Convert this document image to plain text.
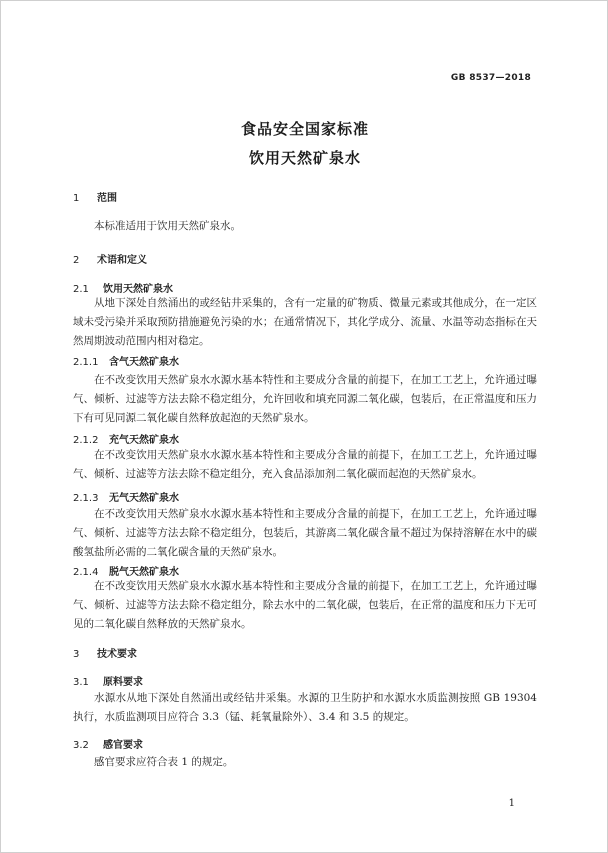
GB 8537—2018
食品安全国家标准
饮用天然矿泉水
1 范围
本标准适用于饮用天然矿泉水。
2 术语和定义
2.1 饮用天然矿泉水
从地下深处自然涌出的或经钻井采集的，含有一定量的矿物质、微量元素或其他成分，在一定区域未受污染并采取预防措施避免污染的水；在通常情况下，其化学成分、流量、水温等动态指标在天然周期波动范围内相对稳定。
2.1.1 含气天然矿泉水
在不改变饮用天然矿泉水水源水基本特性和主要成分含量的前提下，在加工工艺上，允许通过曝气、倾析、过滤等方法去除不稳定组分，允许回收和填充同源二氧化碳，包装后，在正常温度和压力下有可见同源二氧化碳自然释放起泡的天然矿泉水。
2.1.2 充气天然矿泉水
在不改变饮用天然矿泉水水源水基本特性和主要成分含量的前提下，在加工工艺上，允许通过曝气、倾析、过滤等方法去除不稳定组分，充入食品添加剂二氧化碳而起泡的天然矿泉水。
2.1.3 无气天然矿泉水
在不改变饮用天然矿泉水水源水基本特性和主要成分含量的前提下，在加工工艺上，允许通过曝气、倾析、过滤等方法去除不稳定组分，包装后，其游离二氧化碳含量不超过为保持溶解在水中的碳酸氢盐所必需的二氧化碳含量的天然矿泉水。
2.1.4 脱气天然矿泉水
在不改变饮用天然矿泉水水源水基本特性和主要成分含量的前提下，在加工工艺上，允许通过曝气、倾析、过滤等方法去除不稳定组分，除去水中的二氧化碳，包装后，在正常的温度和压力下无可见的二氧化碳自然释放的天然矿泉水。
3 技术要求
3.1 原料要求
水源水从地下深处自然涌出或经钻井采集。水源的卫生防护和水源水水质监测按照 GB 19304 执行，水质监测项目应符合 3.3（锰、耗氧量除外）、3.4 和 3.5 的规定。
3.2 感官要求
感官要求应符合表 1 的规定。
1
